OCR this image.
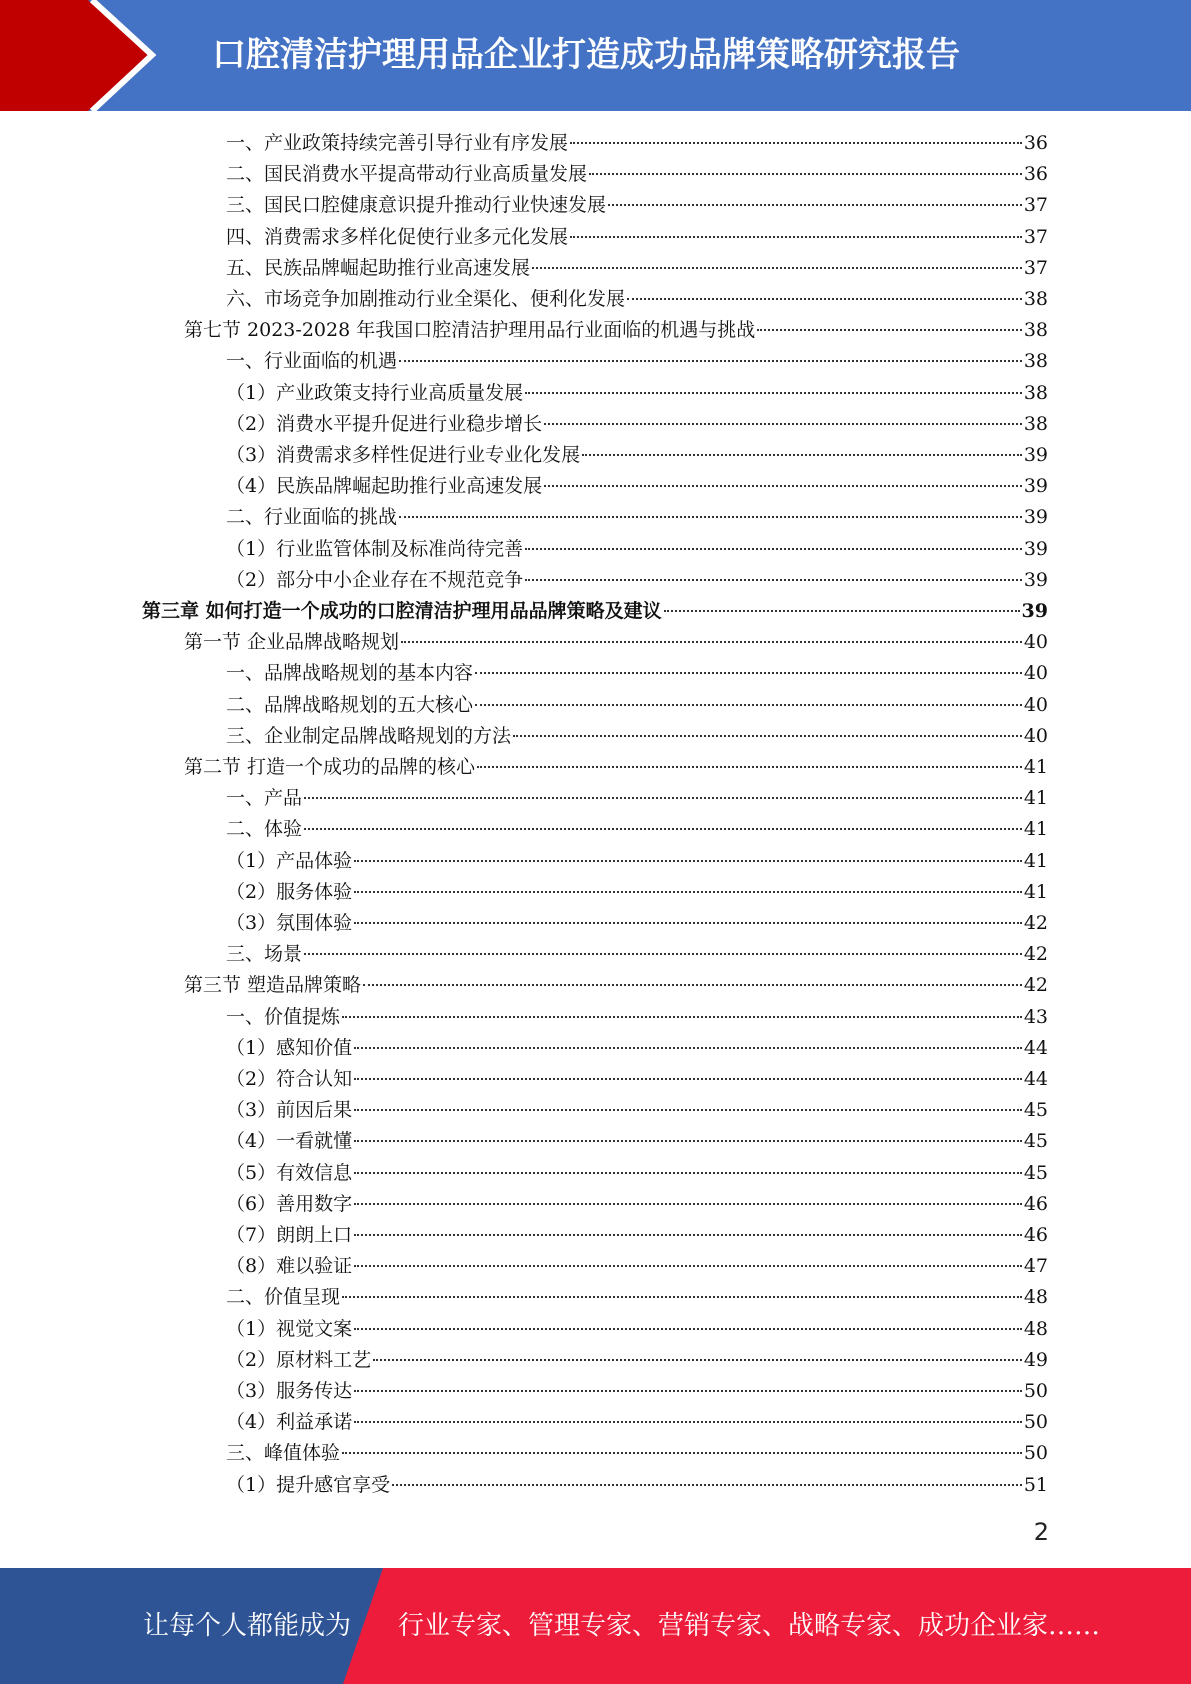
口腔清洁护理用品企业打造成功品牌策略研究报告
一、产业政策持续完善引导行业有序发展	36
二、国民消费水平提高带动行业高质量发展	36
三、国民口腔健康意识提升推动行业快速发展	37
四、消费需求多样化促使行业多元化发展	37
五、民族品牌崛起助推行业高速发展	37
六、市场竞争加剧推动行业全渠化、便利化发展	38
第七节 2023-2028 年我国口腔清洁护理用品行业面临的机遇与挑战	38
一、行业面临的机遇	38
（1）产业政策支持行业高质量发展	38
（2）消费水平提升促进行业稳步增长	38
（3）消费需求多样性促进行业专业化发展	39
（4）民族品牌崛起助推行业高速发展	39
二、行业面临的挑战	39
（1）行业监管体制及标准尚待完善	39
（2）部分中小企业存在不规范竞争	39
第三章 如何打造一个成功的口腔清洁护理用品品牌策略及建议	39
第一节 企业品牌战略规划	40
一、品牌战略规划的基本内容	40
二、品牌战略规划的五大核心	40
三、企业制定品牌战略规划的方法	40
第二节 打造一个成功的品牌的核心	41
一、产品	41
二、体验	41
（1）产品体验	41
（2）服务体验	41
（3）氛围体验	42
三、场景	42
第三节 塑造品牌策略	42
一、价值提炼	43
（1）感知价值	44
（2）符合认知	44
（3）前因后果	45
（4）一看就懂	45
（5）有效信息	45
（6）善用数字	46
（7）朗朗上口	46
（8）难以验证	47
二、价值呈现	48
（1）视觉文案	48
（2）原材料工艺	49
（3）服务传达	50
（4）利益承诺	50
三、峰值体验	50
（1）提升感官享受	51
2
让每个人都能成为 行业专家、管理专家、营销专家、战略专家、成功企业家……
